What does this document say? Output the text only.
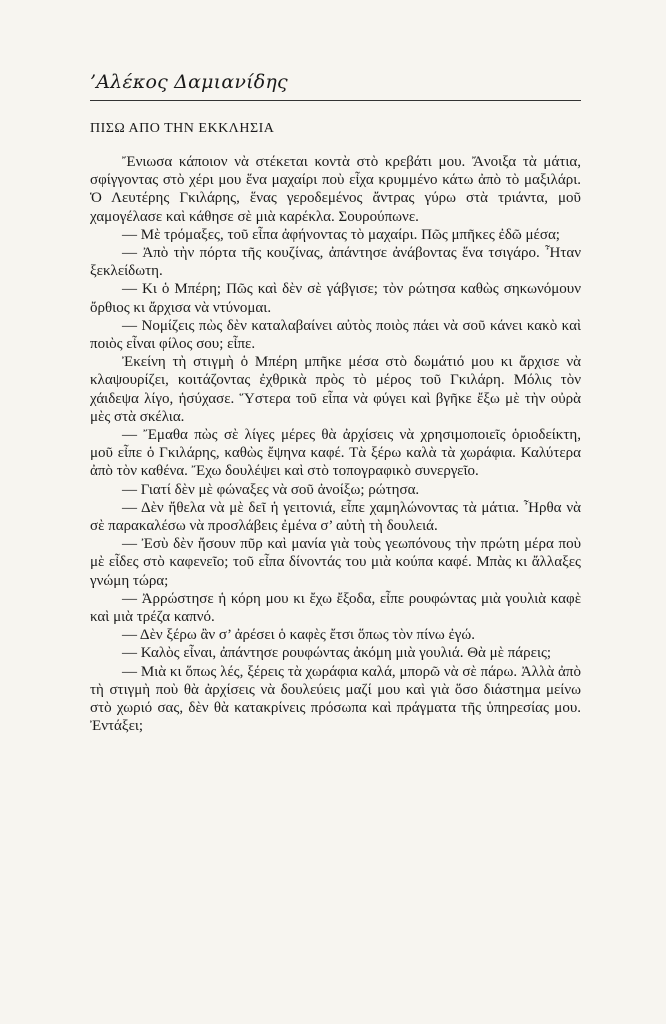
’Αλέκος Δαμιανίδης

ΠΙΣΩ ΑΠΟ ΤΗΝ ΕΚΚΛΗΣΙΑ

Ἔνιωσα κάποιον νὰ στέκεται κοντὰ στὸ κρεβάτι μου. Ἄνοιξα τὰ μάτια, σφίγγοντας στὸ χέρι μου ἕνα μαχαίρι ποὺ εἶχα κρυμμένο κάτω ἀπὸ τὸ μαξιλάρι. Ὁ Λευτέρης Γκιλάρης, ἕνας γεροδεμένος ἄντρας γύρω στὰ τριάντα, μοῦ χαμογέλασε καὶ κάθησε σὲ μιὰ καρέκλα. Σουρούπωνε.

— Μὲ τρόμαξες, τοῦ εἶπα ἀφήνοντας τὸ μαχαίρι. Πῶς μπῆκες ἐδῶ μέσα;

— Ἀπὸ τὴν πόρτα τῆς κουζίνας, ἀπάντησε ἀνάβοντας ἕνα τσιγάρο. Ἦταν ξεκλείδωτη.

— Κι ὁ Μπέρη; Πῶς καὶ δὲν σὲ γάβγισε; τὸν ρώτησα καθὼς σηκωνόμουν ὄρθιος κι ἄρχισα νὰ ντύνομαι.

— Νομίζεις πὼς δὲν καταλαβαίνει αὐτὸς ποιὸς πάει νὰ σοῦ κάνει κακὸ καὶ ποιὸς εἶναι φίλος σου; εἶπε.

Ἐκείνη τὴ στιγμὴ ὁ Μπέρη μπῆκε μέσα στὸ δωμάτιό μου κι ἄρχισε νὰ κλαψουρίζει, κοιτάζοντας ἐχθρικὰ πρὸς τὸ μέρος τοῦ Γκιλάρη. Μόλις τὸν χάιδεψα λίγο, ἡσύχασε. Ὕστερα τοῦ εἶπα νὰ φύγει καὶ βγῆκε ἔξω μὲ τὴν οὐρὰ μὲς στὰ σκέλια.

— Ἔμαθα πὼς σὲ λίγες μέρες θὰ ἀρχίσεις νὰ χρησιμοποιεῖς ὁριοδείκτη, μοῦ εἶπε ὁ Γκιλάρης, καθὼς ἔψηνα καφέ. Τὰ ξέρω καλὰ τὰ χωράφια. Καλύτερα ἀπὸ τὸν καθένα. Ἔχω δουλέψει καὶ στὸ τοπογραφικὸ συνεργεῖο.

— Γιατί δὲν μὲ φώναξες νὰ σοῦ ἀνοίξω; ρώτησα.

— Δὲν ἤθελα νὰ μὲ δεῖ ἡ γειτονιά, εἶπε χαμηλώνοντας τὰ μάτια. Ἦρθα νὰ σὲ παρακαλέσω νὰ προσλάβεις ἐμένα σ’ αὐτὴ τὴ δουλειά.

— Ἐσὺ δὲν ἤσουν πῦρ καὶ μανία γιὰ τοὺς γεωπόνους τὴν πρώτη μέρα ποὺ μὲ εἶδες στὸ καφενεῖο; τοῦ εἶπα δίνοντάς του μιὰ κούπα καφέ. Μπὰς κι ἄλλαξες γνώμη τώρα;

— Ἀρρώστησε ἡ κόρη μου κι ἔχω ἔξοδα, εἶπε ρουφώντας μιὰ γουλιὰ καφὲ καὶ μιὰ τρέζα καπνό.

— Δὲν ξέρω ἂν σ’ ἀρέσει ὁ καφὲς ἔτσι ὅπως τὸν πίνω ἐγώ.

— Καλὸς εἶναι, ἀπάντησε ρουφώντας ἀκόμη μιὰ γουλιά. Θὰ μὲ πάρεις;

— Μιὰ κι ὅπως λές, ξέρεις τὰ χωράφια καλά, μπορῶ νὰ σὲ πάρω. Ἀλλὰ ἀπὸ τὴ στιγμὴ ποὺ θὰ ἀρχίσεις νὰ δουλεύεις μαζί μου καὶ γιὰ ὅσο διάστημα μείνω στὸ χωριό σας, δὲν θὰ κατακρίνεις πρόσωπα καὶ πράγματα τῆς ὑπηρεσίας μου. Ἐντάξει;
